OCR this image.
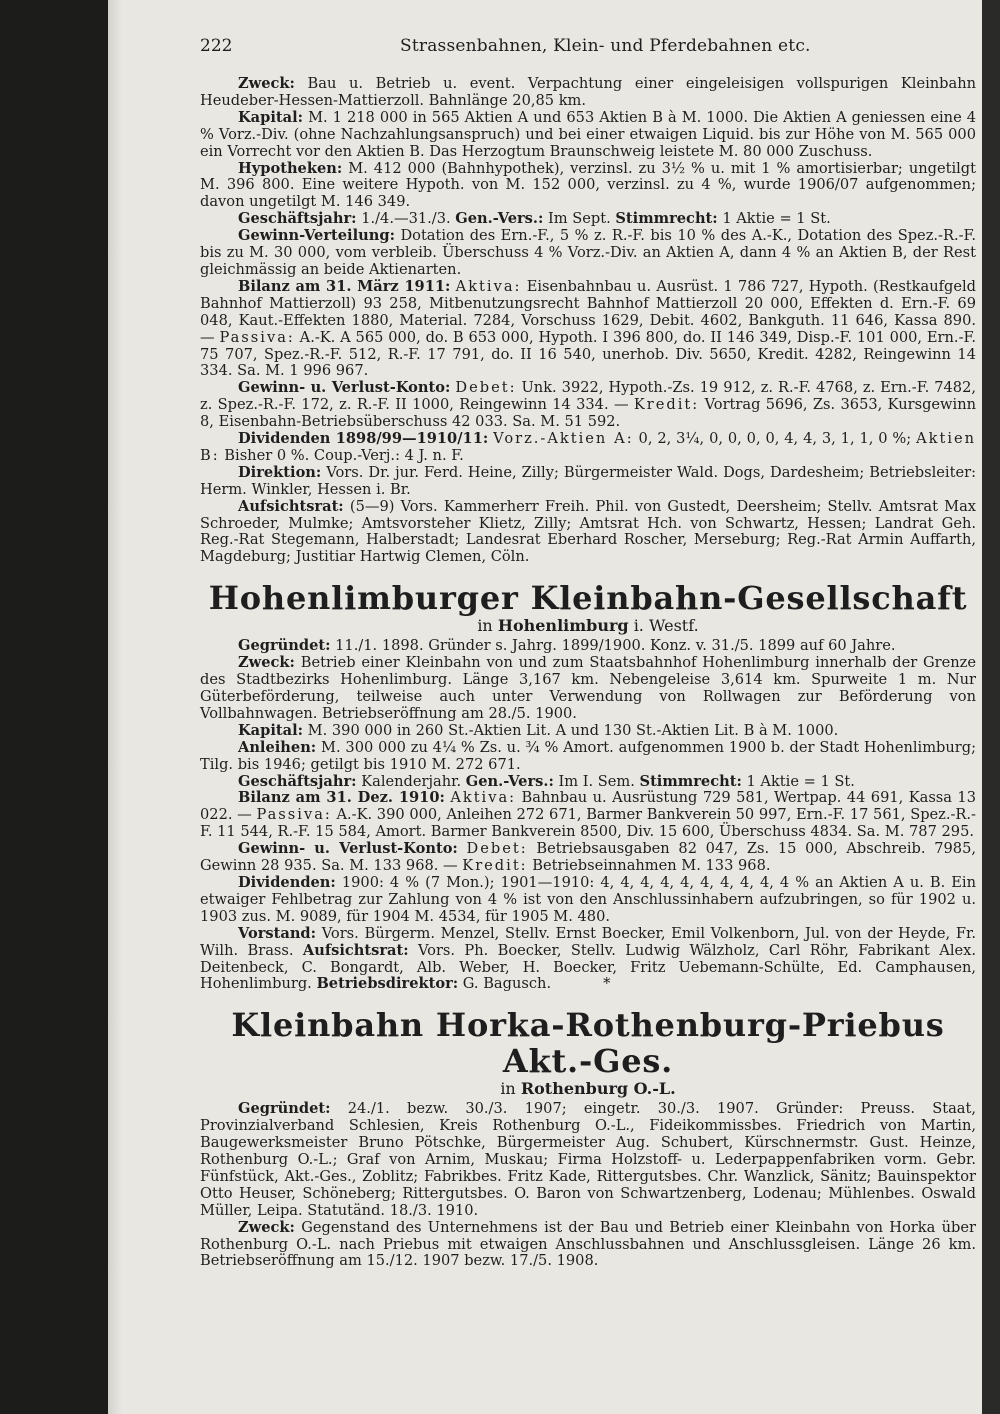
222	Strassenbahnen, Klein- und Pferdebahnen etc.

Zweck: Bau u. Betrieb u. event. Verpachtung einer eingeleisigen vollspurigen Kleinbahn Heudeber-Hessen-Mattierzoll. Bahnlänge 20,85 km.

Kapital: M. 1 218 000 in 565 Aktien A und 653 Aktien B à M. 1000. Die Aktien A geniessen eine 4 % Vorz.-Div. (ohne Nachzahlungsanspruch) und bei einer etwaigen Liquid. bis zur Höhe von M. 565 000 ein Vorrecht vor den Aktien B. Das Herzogtum Braunschweig leistete M. 80 000 Zuschuss.

Hypotheken: M. 412 000 (Bahnhypothek), verzinsl. zu 3½ % u. mit 1 % amortisierbar; ungetilgt M. 396 800. Eine weitere Hypoth. von M. 152 000, verzinsl. zu 4 %, wurde 1906/07 aufgenommen; davon ungetilgt M. 146 349.

Geschäftsjahr: 1./4.—31./3. Gen.-Vers.: Im Sept. Stimmrecht: 1 Aktie = 1 St.

Gewinn-Verteilung: Dotation des Ern.-F., 5 % z. R.-F. bis 10 % des A.-K., Dotation des Spez.-R.-F. bis zu M. 30 000, vom verbleib. Überschuss 4 % Vorz.-Div. an Aktien A, dann 4 % an Aktien B, der Rest gleichmässig an beide Aktienarten.

Bilanz am 31. März 1911: Aktiva: Eisenbahnbau u. Ausrüst. 1 786 727, Hypoth. (Restkaufgeld Bahnhof Mattierzoll) 93 258, Mitbenutzungsrecht Bahnhof Mattierzoll 20 000, Effekten d. Ern.-F. 69 048, Kaut.-Effekten 1880, Material. 7284, Vorschuss 1629, Debit. 4602, Bankguth. 11 646, Kassa 890. — Passiva: A.-K. A 565 000, do. B 653 000, Hypoth. I 396 800, do. II 146 349, Disp.-F. 101 000, Ern.-F. 75 707, Spez.-R.-F. 512, R.-F. 17 791, do. II 16 540, unerhob. Div. 5650, Kredit. 4282, Reingewinn 14 334. Sa. M. 1 996 967.

Gewinn- u. Verlust-Konto: Debet: Unk. 3922, Hypoth.-Zs. 19 912, z. R.-F. 4768, z. Ern.-F. 7482, z. Spez.-R.-F. 172, z. R.-F. II 1000, Reingewinn 14 334. — Kredit: Vortrag 5696, Zs. 3653, Kursgewinn 8, Eisenbahn-Betriebsüberschuss 42 033. Sa. M. 51 592.

Dividenden 1898/99—1910/11: Vorz.-Aktien A: 0, 2, 3¼, 0, 0, 0, 0, 4, 4, 3, 1, 1, 0 %; Aktien B: Bisher 0 %. Coup.-Verj.: 4 J. n. F.

Direktion: Vors. Dr. jur. Ferd. Heine, Zilly; Bürgermeister Wald. Dogs, Dardesheim; Betriebsleiter: Herm. Winkler, Hessen i. Br.

Aufsichtsrat: (5—9) Vors. Kammerherr Freih. Phil. von Gustedt, Deersheim; Stellv. Amtsrat Max Schroeder, Mulmke; Amtsvorsteher Klietz, Zilly; Amtsrat Hch. von Schwartz, Hessen; Landrat Geh. Reg.-Rat Stegemann, Halberstadt; Landesrat Eberhard Roscher, Merseburg; Reg.-Rat Armin Auffarth, Magdeburg; Justitiar Hartwig Clemen, Cöln.

Hohenlimburger Kleinbahn-Gesellschaft
in Hohenlimburg i. Westf.

Gegründet: 11./1. 1898. Gründer s. Jahrg. 1899/1900. Konz. v. 31./5. 1899 auf 60 Jahre.

Zweck: Betrieb einer Kleinbahn von und zum Staatsbahnhof Hohenlimburg innerhalb der Grenze des Stadtbezirks Hohenlimburg. Länge 3,167 km. Nebengeleise 3,614 km. Spurweite 1 m. Nur Güterbeförderung, teilweise auch unter Verwendung von Rollwagen zur Beförderung von Vollbahnwagen. Betriebseröffnung am 28./5. 1900.

Kapital: M. 390 000 in 260 St.-Aktien Lit. A und 130 St.-Aktien Lit. B à M. 1000.

Anleihen: M. 300 000 zu 4¼ % Zs. u. ¾ % Amort. aufgenommen 1900 b. der Stadt Hohenlimburg; Tilg. bis 1946; getilgt bis 1910 M. 272 671.

Geschäftsjahr: Kalenderjahr. Gen.-Vers.: Im I. Sem. Stimmrecht: 1 Aktie = 1 St.

Bilanz am 31. Dez. 1910: Aktiva: Bahnbau u. Ausrüstung 729 581, Wertpap. 44 691, Kassa 13 022. — Passiva: A.-K. 390 000, Anleihen 272 671, Barmer Bankverein 50 997, Ern.-F. 17 561, Spez.-R.-F. 11 544, R.-F. 15 584, Amort. Barmer Bankverein 8500, Div. 15 600, Überschuss 4834. Sa. M. 787 295.

Gewinn- u. Verlust-Konto: Debet: Betriebsausgaben 82 047, Zs. 15 000, Abschreib. 7985, Gewinn 28 935. Sa. M. 133 968. — Kredit: Betriebseinnahmen M. 133 968.

Dividenden: 1900: 4 % (7 Mon.); 1901—1910: 4, 4, 4, 4, 4, 4, 4, 4, 4, 4 % an Aktien A u. B. Ein etwaiger Fehlbetrag zur Zahlung von 4 % ist von den Anschlussinhabern aufzubringen, so für 1902 u. 1903 zus. M. 9089, für 1904 M. 4534, für 1905 M. 480.

Vorstand: Vors. Bürgerm. Menzel, Stellv. Ernst Boecker, Emil Volkenborn, Jul. von der Heyde, Fr. Wilh. Brass. Aufsichtsrat: Vors. Ph. Boecker, Stellv. Ludwig Wälzholz, Carl Röhr, Fabrikant Alex. Deitenbeck, C. Bongardt, Alb. Weber, H. Boecker, Fritz Uebemann-Schülte, Ed. Camphausen, Hohenlimburg. Betriebsdirektor: G. Bagusch.	*

Kleinbahn Horka-Rothenburg-Priebus Akt.-Ges.
in Rothenburg O.-L.

Gegründet: 24./1. bezw. 30./3. 1907; eingetr. 30./3. 1907. Gründer: Preuss. Staat, Provinzialverband Schlesien, Kreis Rothenburg O.-L., Fideikommissbes. Friedrich von Martin, Baugewerksmeister Bruno Pötschke, Bürgermeister Aug. Schubert, Kürschnermstr. Gust. Heinze, Rothenburg O.-L.; Graf von Arnim, Muskau; Firma Holzstoff- u. Lederpappenfabriken vorm. Gebr. Fünfstück, Akt.-Ges., Zoblitz; Fabrikbes. Fritz Kade, Rittergutsbes. Chr. Wanzlick, Sänitz; Bauinspektor Otto Heuser, Schöneberg; Rittergutsbes. O. Baron von Schwartzenberg, Lodenau; Mühlenbes. Oswald Müller, Leipa. Statutänd. 18./3. 1910.

Zweck: Gegenstand des Unternehmens ist der Bau und Betrieb einer Kleinbahn von Horka über Rothenburg O.-L. nach Priebus mit etwaigen Anschlussbahnen und Anschlussgleisen. Länge 26 km. Betriebseröffnung am 15./12. 1907 bezw. 17./5. 1908.
